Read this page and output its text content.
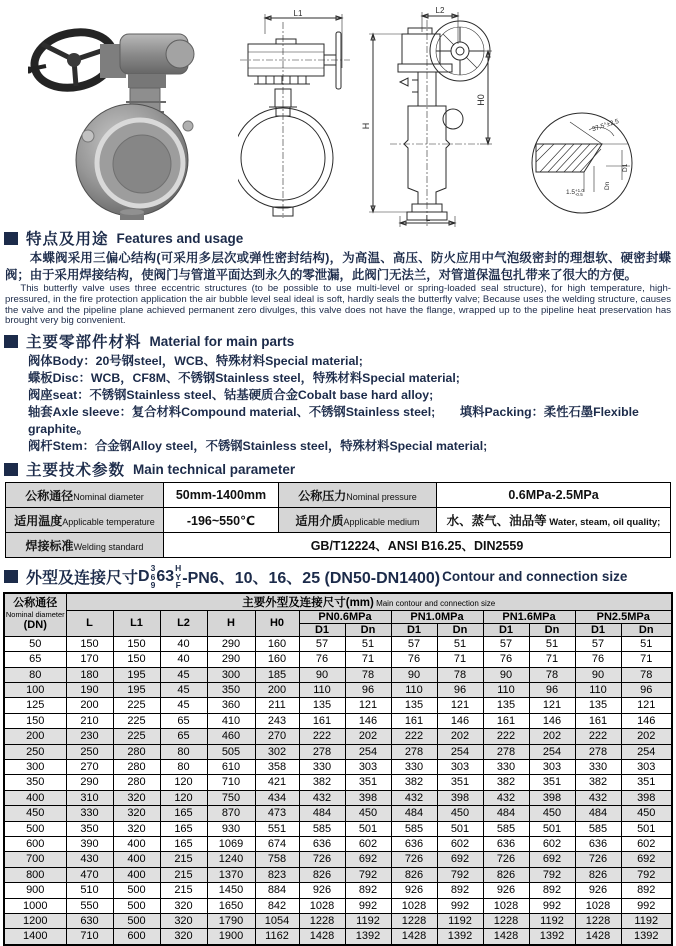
L1	L2
H
H0
L
37.5°±2.5
$1.5^{+1.0}$ -0.5
D1
Dn
特点及用途 Features and usage

本蝶阀采用三偏心结构(可采用多层次或弹性密封结构)，为高温、高压、防火应用中气泡级密封的理想软、硬密封蝶阀；由于采用焊接结构，使阀门与管道平面达到永久的零泄漏，此阀门无法兰，对管道保温包扎带来了很大的方便。

This butterfly valve uses three eccentric structures (to be possible to use multi-level or spring-loaded seal structure), for high temperature, high-pressured, in the fire protection application the air bubble level seal ideal is soft, hardly seals the butterfly valve; Because uses the welding structure, causes the valve and the pipeline plane achieved permanent zero divulges, this valve does not have the flange, wrapped up to the pipeline heat preservation has brought very big convenient.

主要零部件材料 Material for main parts
阀体Body：20号钢steel，WCB、特殊材料Special material;
蝶板Disc：WCB，CF8M、不锈钢Stainless steel，特殊材料Special material;
阀座seat：不锈钢Stainless steel、钴基硬质合金Cobalt base hard alloy;
轴套Axle sleeve：复合材料Compound material、不锈钢Stainless steel;　　填料Packing：柔性石墨Flexible graphite。
阀杆Stem：合金钢Alloy steel，不锈钢Stainless steel，特殊材料Special material;
主要技术参数 Main technical parameter
公称通径Nominal diameter	50mm-1400mm	公称压力Nominal pressure	0.6MPa-2.5MPa
适用温度Applicable temperature	-196~550℃	适用介质Applicable medium	水、蒸气、油品等 Water, steam, oil quality;
焊接标准Welding standard	GB/T12224、ANSI B16.25、DIN2559		
外型及连接尺寸 D 3
6
9
63 H
Y
F -PN6、10、16、25 (DN50-DN1400) Contour and connection size
公称通径
Nominal diameter
(DN)	主要外型及连接尺寸(mm) Main contour and connection size												
	L	L1	L2	H	H0	PN0.6MPa		PN1.0MPa		PN1.6MPa		PN2.5MPa	
						D1	Dn	D1	Dn	D1	Dn	D1	Dn
50	150	150	40	290	160	57	51	57	51	57	51	57	51
65	170	150	40	290	160	76	71	76	71	76	71	76	71
80	180	195	45	300	185	90	78	90	78	90	78	90	78
100	190	195	45	350	200	110	96	110	96	110	96	110	96
125	200	225	45	360	211	135	121	135	121	135	121	135	121
150	210	225	65	410	243	161	146	161	146	161	146	161	146
200	230	225	65	460	270	222	202	222	202	222	202	222	202
250	250	280	80	505	302	278	254	278	254	278	254	278	254
300	270	280	80	610	358	330	303	330	303	330	303	330	303
350	290	280	120	710	421	382	351	382	351	382	351	382	351
400	310	320	120	750	434	432	398	432	398	432	398	432	398
450	330	320	165	870	473	484	450	484	450	484	450	484	450
500	350	320	165	930	551	585	501	585	501	585	501	585	501
600	390	400	165	1069	674	636	602	636	602	636	602	636	602
700	430	400	215	1240	758	726	692	726	692	726	692	726	692
800	470	400	215	1370	823	826	792	826	792	826	792	826	792
900	510	500	215	1450	884	926	892	926	892	926	892	926	892
1000	550	500	320	1650	842	1028	992	1028	992	1028	992	1028	992
1200	630	500	320	1790	1054	1228	1192	1228	1192	1228	1192	1228	1192
1400	710	600	320	1900	1162	1428	1392	1428	1392	1428	1392	1428	1392
